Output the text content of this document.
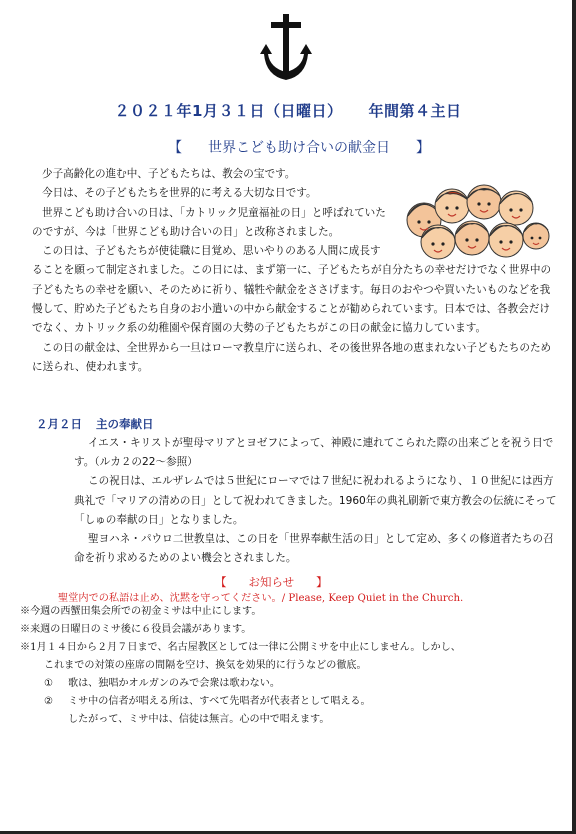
２０２１年1月３１日（日曜日） 年間第４主日
【 世界こども助け合いの献金日 】

少子高齢化の進む中、子どもたちは、教会の宝です。

今日は、その子どもたちを世界的に考える大切な日です。

世界こども助け合いの日は、「カトリック児童福祉の日」と呼ばれていた

のですが、今は「世界こども助け合いの日」と改称されました。

この日は、子どもたちが使徒職に目覚め、思いやりのある人間に成長す

ることを願って制定されました。この日には、まず第一に、子どもたちが自分たちの幸せだけでなく世界中の子どもたちの幸せを願い、そのために祈り、犠牲や献金をささげます。毎日のおやつや買いたいものなどを我慢して、貯めた子どもたち自身のお小遣いの中から献金することが勧められています。日本では、各教会だけでなく、カトリック系の幼稚園や保育園の大勢の子どもたちがこの日の献金に協力しています。

この日の献金は、全世界から一旦はローマ教皇庁に送られ、その後世界各地の恵まれない子どもたちのために送られ、使われます。

２月２日 主の奉献日

イエス・キリストが聖母マリアとヨゼフによって、神殿に連れてこられた際の出来ごとを祝う日です。（ルカ２の22〜参照）

この祝日は、エルザレムでは５世紀にローマでは７世紀に祝われるようになり、１０世紀には西方典礼で「マリアの清めの日」として祝われてきました。1960年の典礼刷新で東方教会の伝統にそって「しゅの奉献の日」となりました。

聖ヨハネ・パウロ二世教皇は、この日を「世界奉献生活の日」として定め、多くの修道者たちの召命を祈り求めるためのよい機会とされました。

【 お知らせ 】
聖堂内での私語は止め、沈黙を守ってください。/ Please, Keep Quiet in the Church.

※今週の西蟹田集会所での初金ミサは中止にします。

※来週の日曜日のミサ後に６役員会議があります。

※1月１４日から２月７日まで、名古屋教区としては一律に公開ミサを中止にしません。しかし、

これまでの対策の座席の間隔を空け、換気を効果的に行うなどの徹底。

① 歌は、独唱かオルガンのみで会衆は歌わない。

② ミサ中の信者が唱える所は、すべて先唱者が代表者として唱える。

したがって、ミサ中は、信徒は無言。心の中で唱えます。
